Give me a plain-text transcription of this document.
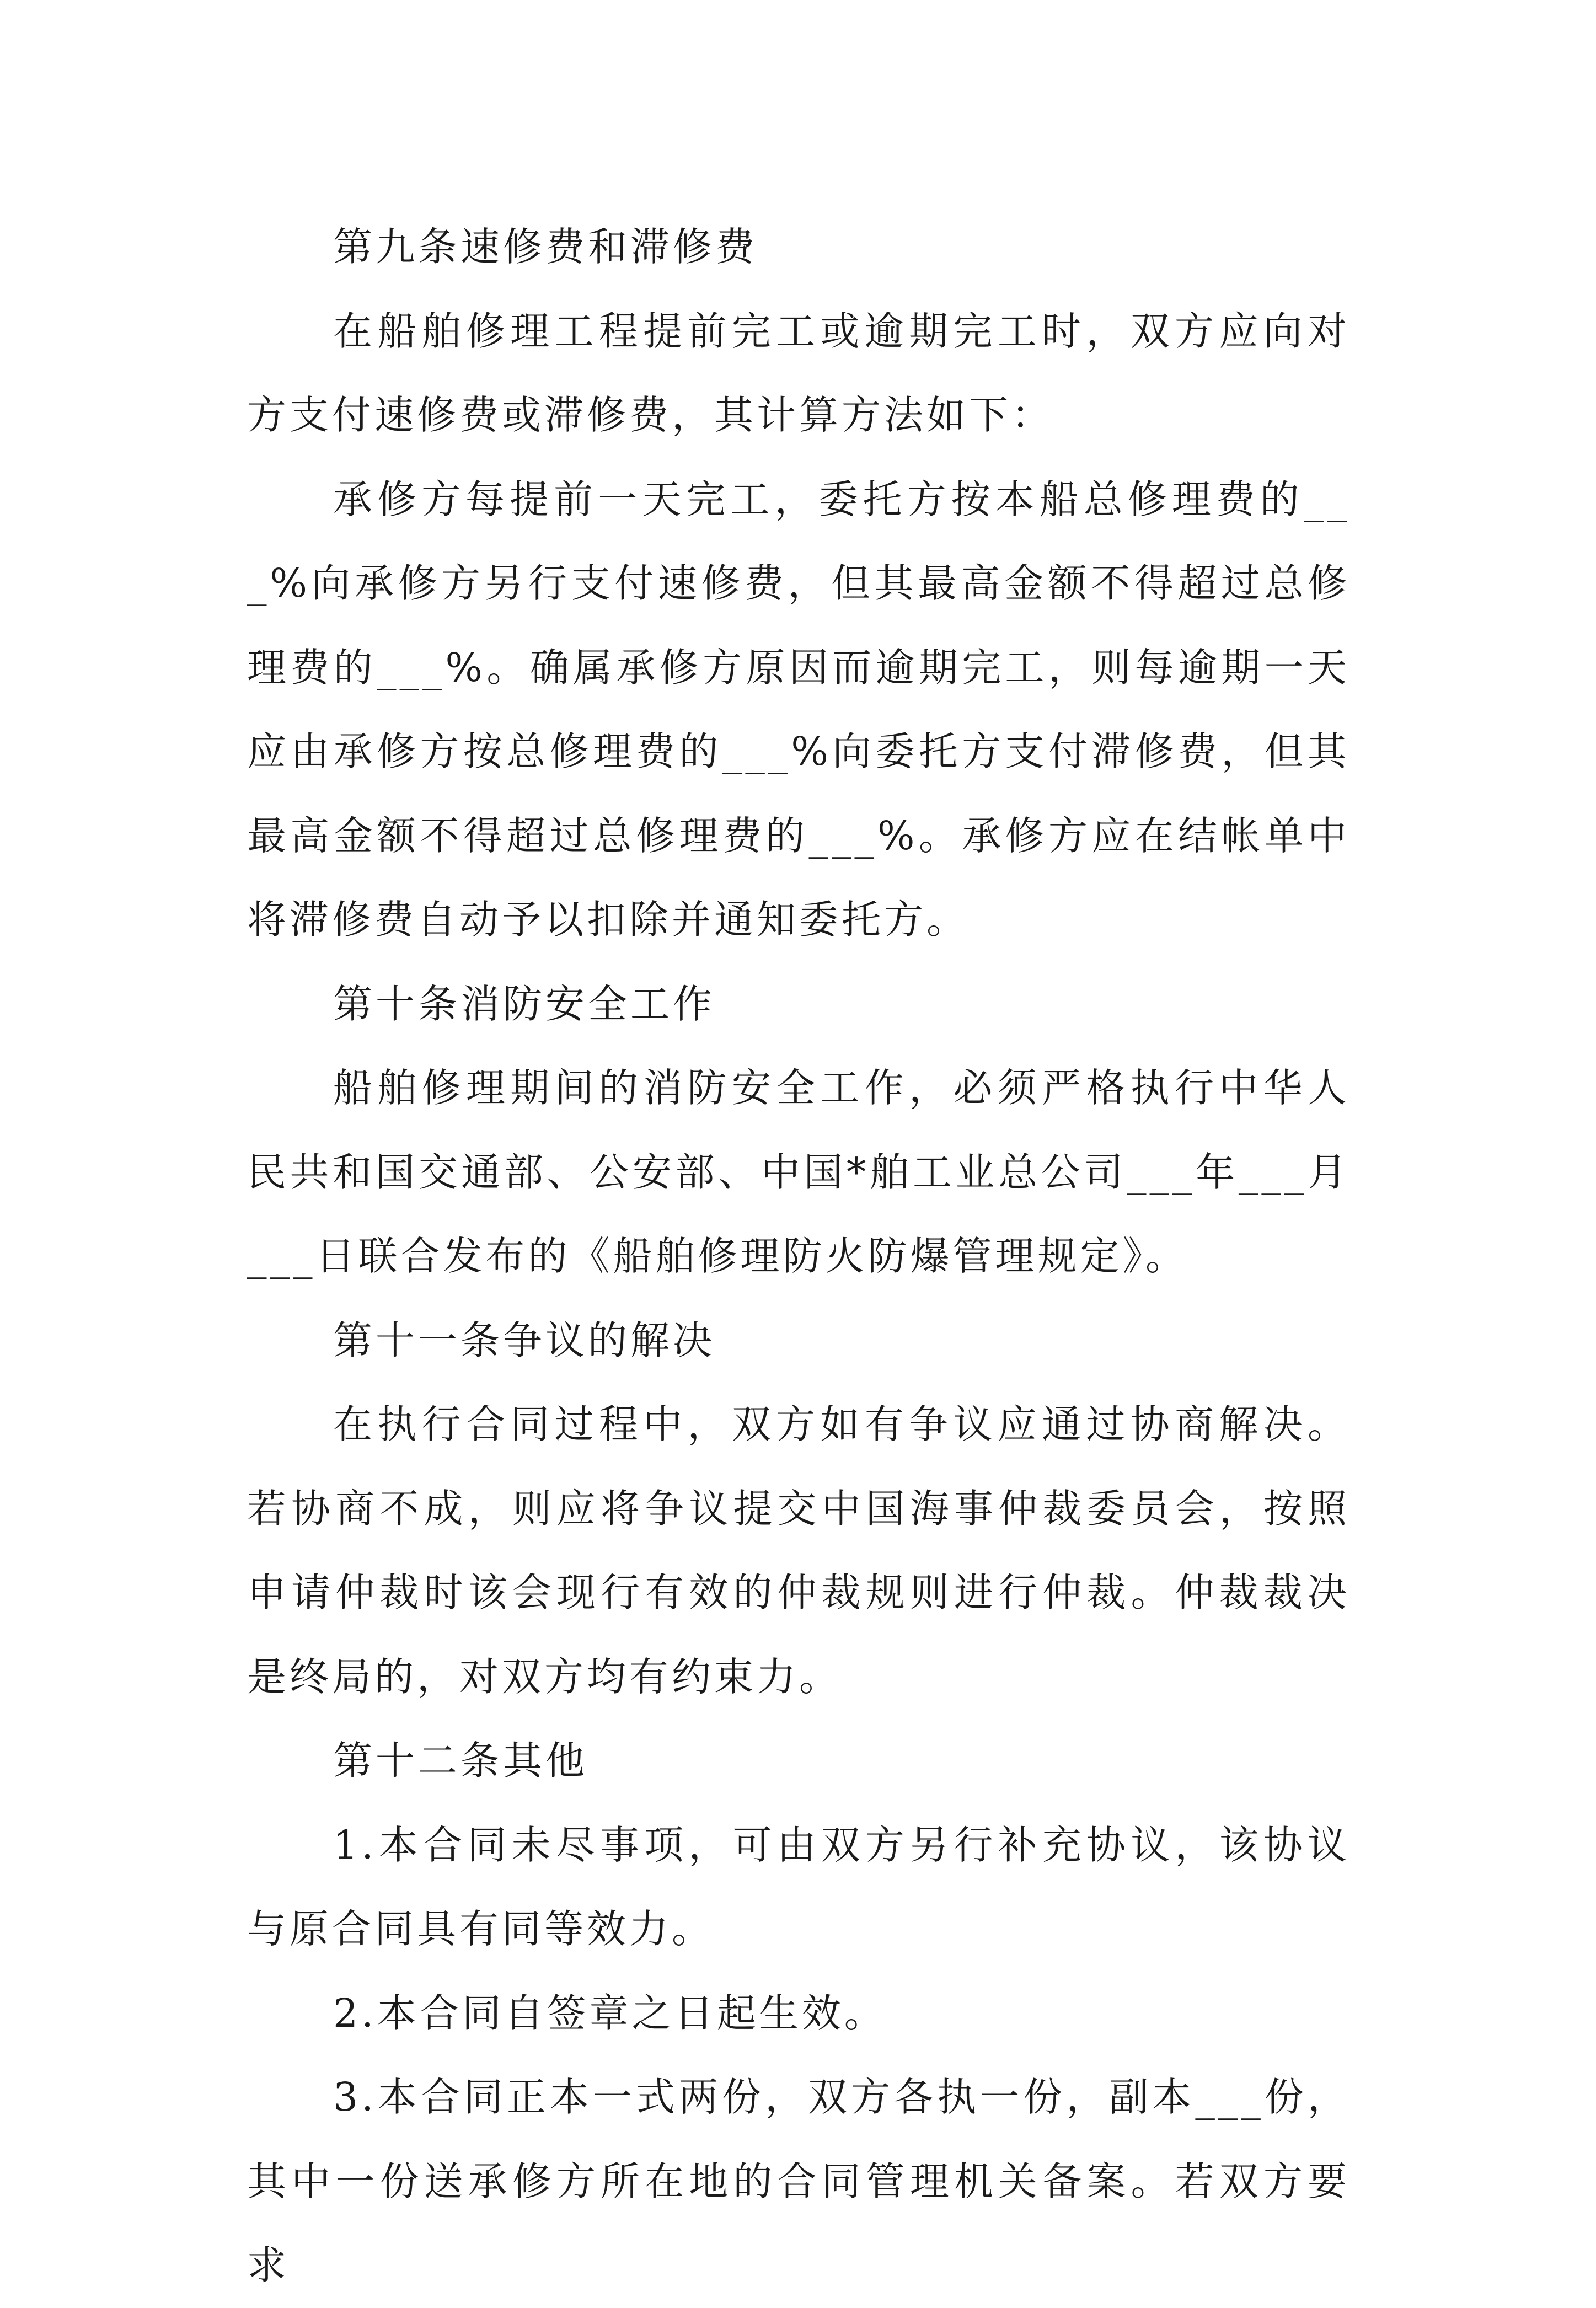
第九条速修费和滞修费

在船舶修理工程提前完工或逾期完工时，双方应向对方支付速修费或滞修费，其计算方法如下：

承修方每提前一天完工，委托方按本船总修理费的___%向承修方另行支付速修费，但其最高金额不得超过总修理费的___%。确属承修方原因而逾期完工，则每逾期一天应由承修方按总修理费的___%向委托方支付滞修费，但其最高金额不得超过总修理费的___%。承修方应在结帐单中将滞修费自动予以扣除并通知委托方。

第十条消防安全工作

船舶修理期间的消防安全工作，必须严格执行中华人民共和国交通部、公安部、中国*舶工业总公司___年___月___日联合发布的《船舶修理防火防爆管理规定》。

第十一条争议的解决

在执行合同过程中，双方如有争议应通过协商解决。若协商不成，则应将争议提交中国海事仲裁委员会，按照申请仲裁时该会现行有效的仲裁规则进行仲裁。仲裁裁决是终局的，对双方均有约束力。

第十二条其他

1.本合同未尽事项，可由双方另行补充协议，该协议与原合同具有同等效力。

2.本合同自签章之日起生效。

3.本合同正本一式两份，双方各执一份，副本___份，其中一份送承修方所在地的合同管理机关备案。若双方要求
